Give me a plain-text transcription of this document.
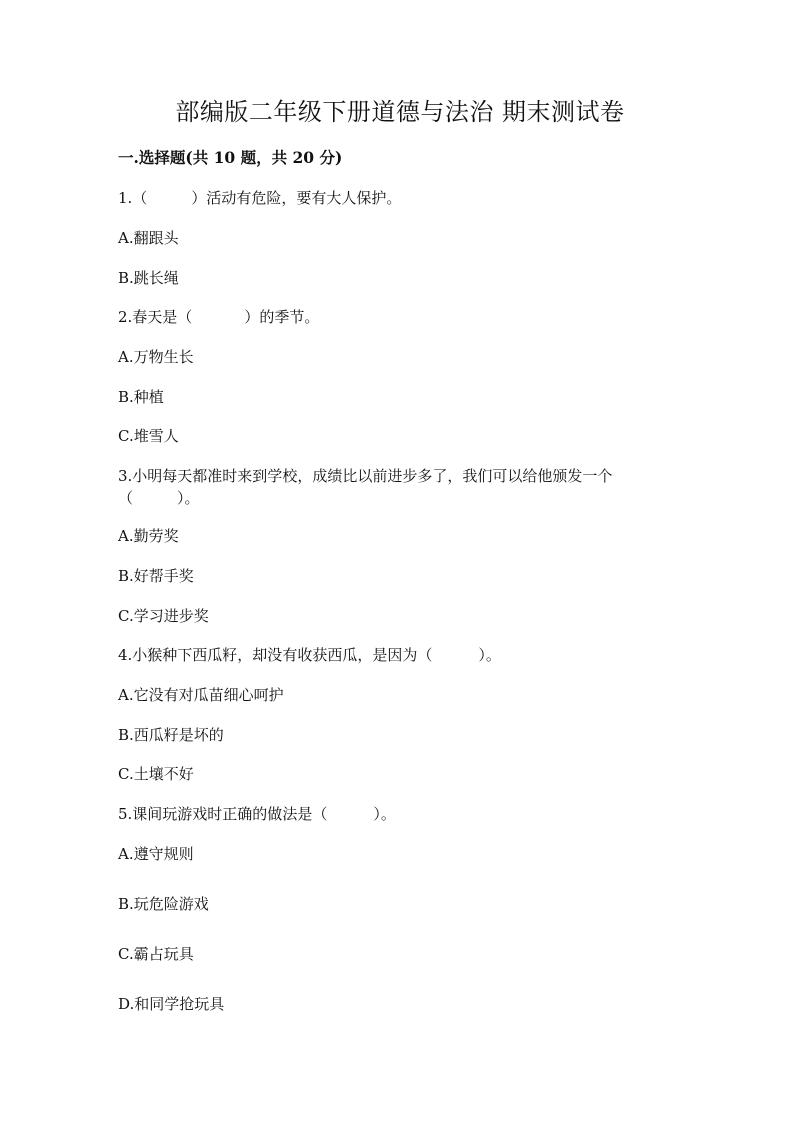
部编版二年级下册道德与法治 期末测试卷
一.选择题(共 10 题，共 20 分)

1.（	）活动有危险，要有大人保护。

A.翻跟头

B.跳长绳

2.春天是（	）的季节。

A.万物生长

B.种植

C.堆雪人

3.小明每天都准时来到学校，成绩比以前进步多了，我们可以给他颁发一个

（	）。

A.勤劳奖

B.好帮手奖

C.学习进步奖

4.小猴种下西瓜籽，却没有收获西瓜，是因为（	）。

A.它没有对瓜苗细心呵护

B.西瓜籽是坏的

C.土壤不好

5.课间玩游戏时正确的做法是（	）。

A.遵守规则

B.玩危险游戏

C.霸占玩具

D.和同学抢玩具
